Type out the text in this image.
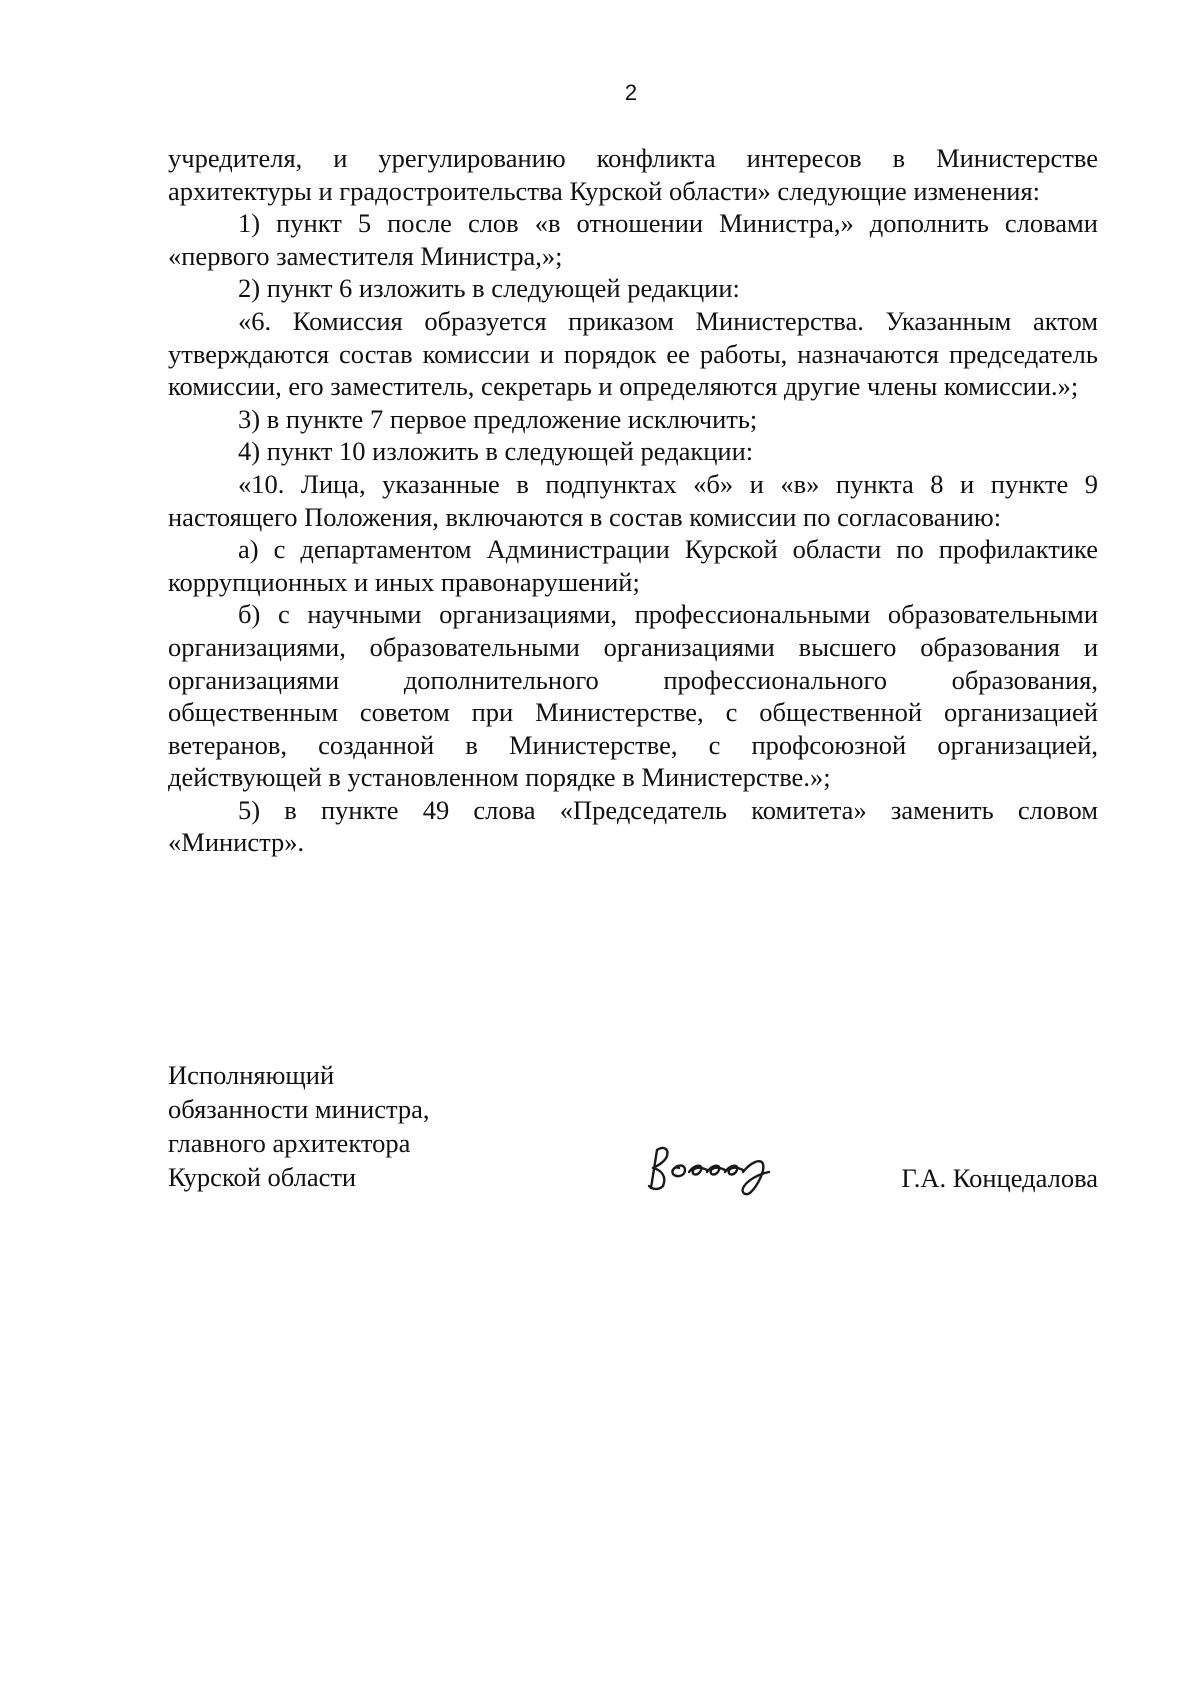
2

учредителя, и урегулированию конфликта интересов в Министерстве архитектуры и градостроительства Курской области» следующие изменения:

1) пункт 5 после слов «в отношении Министра,» дополнить словами «первого заместителя Министра,»;

2) пункт 6 изложить в следующей редакции:

«6. Комиссия образуется приказом Министерства. Указанным актом утверждаются состав комиссии и порядок ее работы, назначаются председатель комиссии, его заместитель, секретарь и определяются другие члены комиссии.»;

3) в пункте 7 первое предложение исключить;

4) пункт 10 изложить в следующей редакции:

«10. Лица, указанные в подпунктах «б» и «в» пункта 8 и пункте 9 настоящего Положения, включаются в состав комиссии по согласованию:

а) с департаментом Администрации Курской области по профилактике коррупционных и иных правонарушений;

б) с научными организациями, профессиональными образовательными организациями, образовательными организациями высшего образования и организациями дополнительного профессионального образования, общественным советом при Министерстве, с общественной организацией ветеранов, созданной в Министерстве, с профсоюзной организацией, действующей в установленном порядке в Министерстве.»;

5) в пункте 49 слова «Председатель комитета» заменить словом «Министр».

Исполняющий
обязанности министра,
главного архитектора
Курской области	Г.А. Концедалова
